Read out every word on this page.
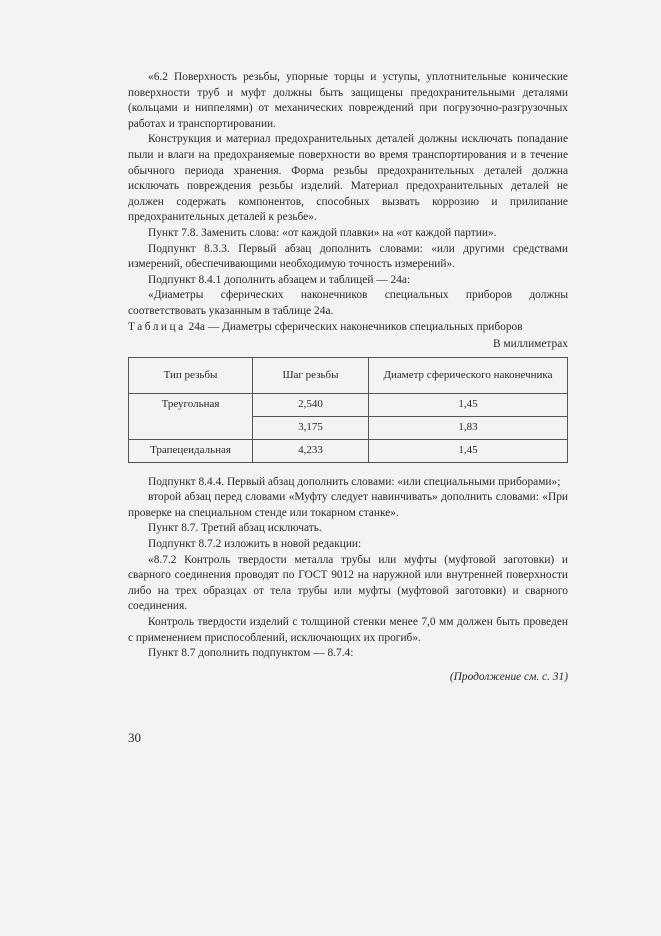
«6.2 Поверхность резьбы, упорные торцы и уступы, уплотнительные конические поверхности труб и муфт должны быть защищены предохранительными деталями (кольцами и ниппелями) от механических повреждений при погрузочно-разгрузочных работах и транспортировании.

Конструкция и материал предохранительных деталей должны исключать попадание пыли и влаги на предохраняемые поверхности во время транспортирования и в течение обычного периода хранения. Форма резьбы предохранительных деталей должна исключать повреждения резьбы изделий. Материал предохранительных деталей не должен содержать компонентов, способных вызвать коррозию и прилипание предохранительных деталей к резьбе».

Пункт 7.8. Заменить слова: «от каждой плавки» на «от каждой партии».

Подпункт 8.3.3. Первый абзац дополнить словами: «или другими средствами измерений, обеспечивающими необходимую точность измерений».

Подпункт 8.4.1 дополнить абзацем и таблицей — 24а:

«Диаметры сферических наконечников специальных приборов должны соответствовать указанным в таблице 24а.

Таблица 24а — Диаметры сферических наконечников специальных приборов
В миллиметрах
Тип резьбы	Шаг резьбы	Диаметр сферического наконечника
Треугольная	2,540	1,45
	3,175	1,83
Трапецеидальная	4,233	1,45

Подпункт 8.4.4. Первый абзац дополнить словами: «или специальными приборами»;

второй абзац перед словами «Муфту следует навинчивать» дополнить словами: «При проверке на специальном стенде или токарном станке».

Пункт 8.7. Третий абзац исключать.

Подпункт 8.7.2 изложить в новой редакции:

«8.7.2 Контроль твердости металла трубы или муфты (муфтовой заготовки) и сварного соединения проводят по ГОСТ 9012 на наружной или внутренней поверхности либо на трех образцах от тела трубы или муфты (муфтовой заготовки) и сварного соединения.

Контроль твердости изделий с толщиной стенки менее 7,0 мм должен быть проведен с применением приспособлений, исключающих их прогиб».

Пункт 8.7 дополнить подпунктом — 8.7.4:

(Продолжение см. с. 31)
30
